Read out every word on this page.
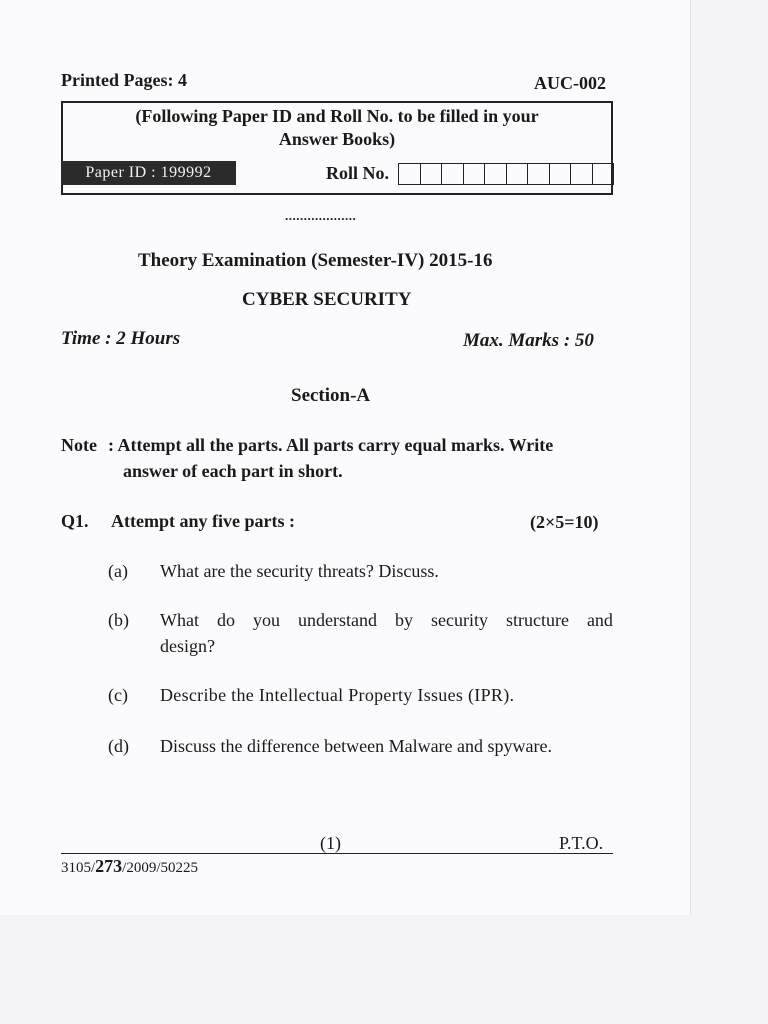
Printed Pages: 4	AUC-002
(Following Paper ID and Roll No. to be filled in your
Answer Books)
Paper ID : 199992	Roll No.
...................
Theory Examination (Semester-IV) 2015-16
CYBER SECURITY
Time : 2 Hours	Max. Marks : 50
Section-A
Note : Attempt all the parts. All parts carry equal marks. Write
answer of each part in short.
Q1. Attempt any five parts :	(2×5=10)
(a) What are the security threats? Discuss.
(b) What do you understand by security structure and
design?
(c) Describe the Intellectual Property Issues (IPR).
(d) Discuss the difference between Malware and spyware.
(1)	P.T.O.
3105/273/2009/50225
